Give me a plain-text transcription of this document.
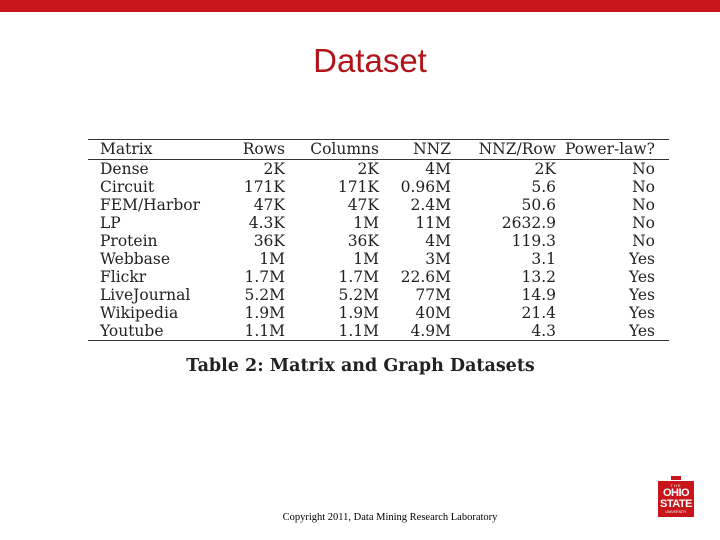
Dataset
Matrix	Rows	Columns	NNZ	NNZ/Row	Power-law?
Dense	2K	2K	4M	2K	No
Circuit	171K	171K	0.96M	5.6	No
FEM/Harbor	47K	47K	2.4M	50.6	No
LP	4.3K	1M	11M	2632.9	No
Protein	36K	36K	4M	119.3	No
Webbase	1M	1M	3M	3.1	Yes
Flickr	1.7M	1.7M	22.6M	13.2	Yes
LiveJournal	5.2M	5.2M	77M	14.9	Yes
Wikipedia	1.9M	1.9M	40M	21.4	Yes
Youtube	1.1M	1.1M	4.9M	4.3	Yes
Table 2: Matrix and Graph Datasets
Copyright 2011, Data Mining Research Laboratory
THE
OHIO
STATE
UNIVERSITY
